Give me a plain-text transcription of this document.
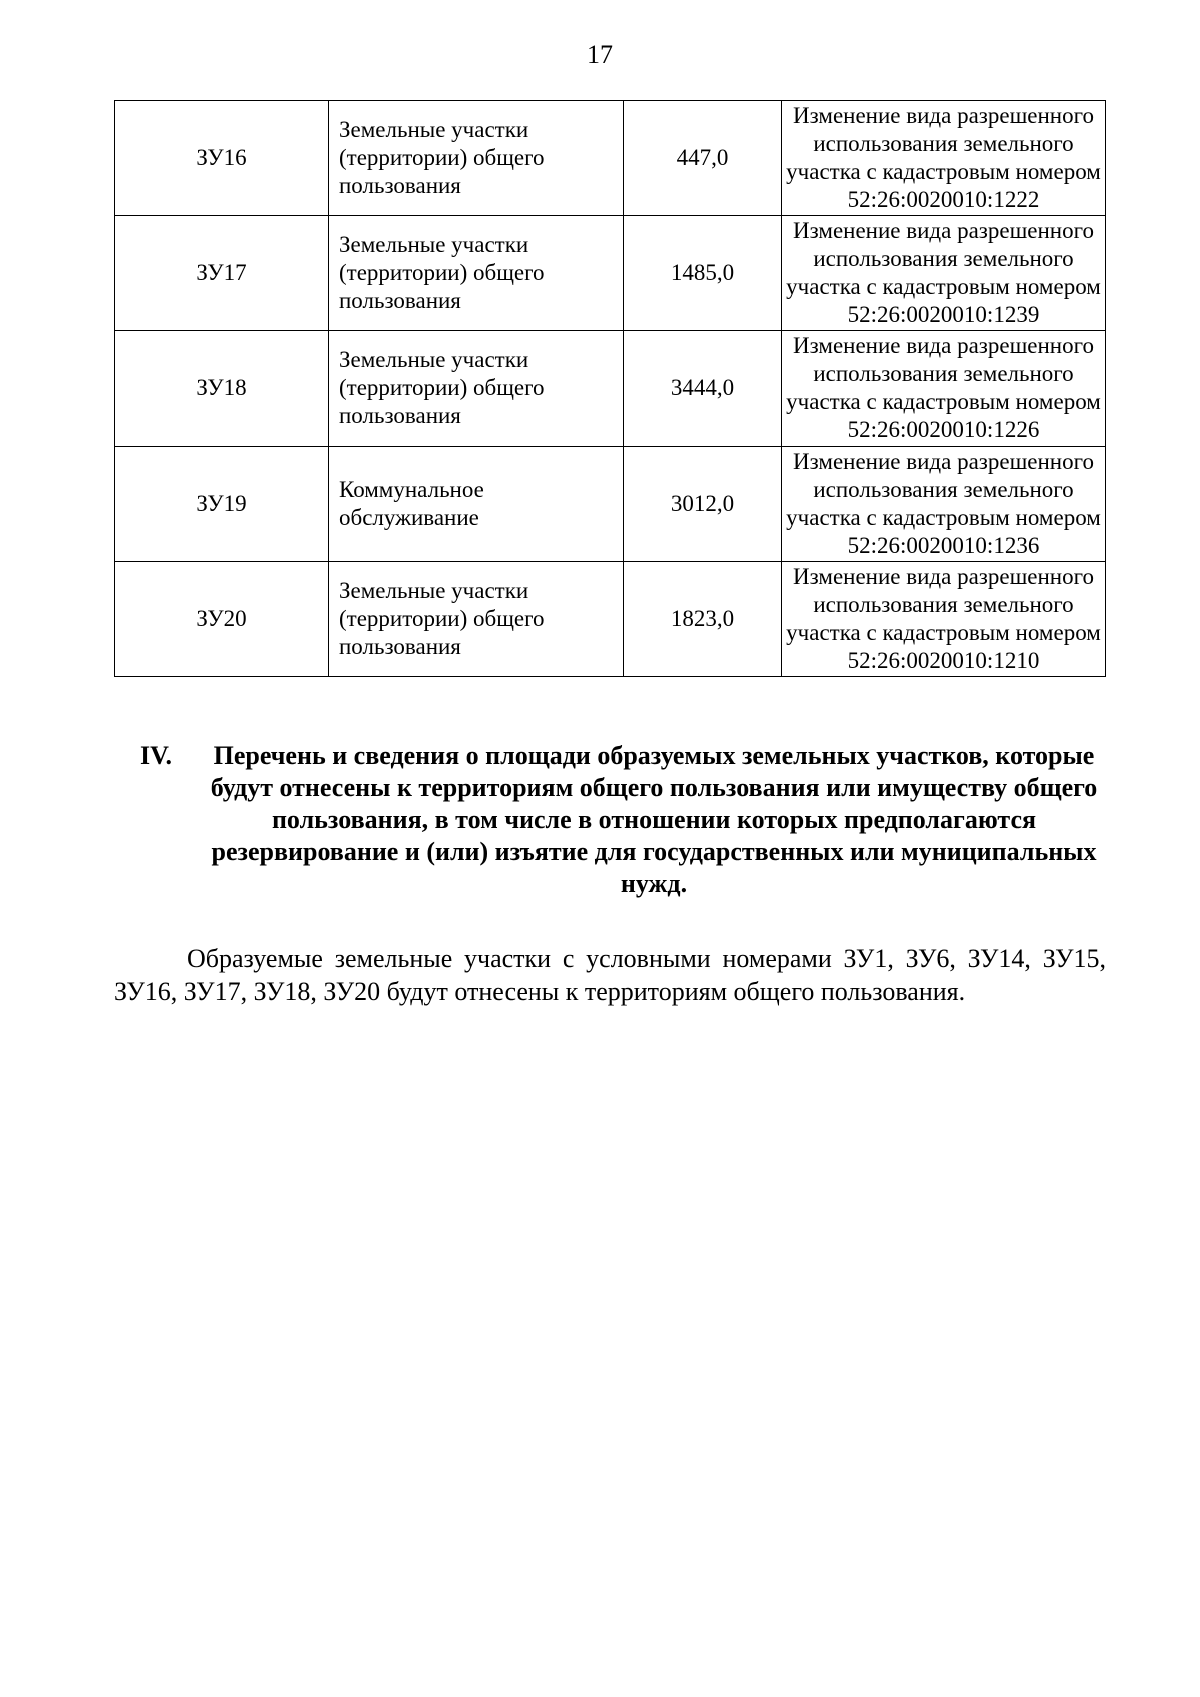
17
ЗУ16	Земельные участки (территории) общего пользования	447,0	Изменение вида разрешенного
использования земельного
участка с кадастровым номером
52:26:0020010:1222

ЗУ17	Земельные участки (территории) общего пользования	1485,0	Изменение вида разрешенного
использования земельного
участка с кадастровым номером
52:26:0020010:1239

ЗУ18	Земельные участки (территории) общего пользования	3444,0	Изменение вида разрешенного
использования земельного
участка с кадастровым номером
52:26:0020010:1226

ЗУ19	Коммунальное обслуживание	3012,0	Изменение вида разрешенного
использования земельного
участка с кадастровым номером
52:26:0020010:1236

ЗУ20	Земельные участки (территории) общего пользования	1823,0	Изменение вида разрешенного
использования земельного
участка с кадастровым номером
52:26:0020010:1210
IV.	Перечень и сведения о площади образуемых земельных участков, которые будут отнесены к территориям общего пользования или имуществу общего пользования, в том числе в отношении которых предполагаются резервирование и (или) изъятие для государственных или муниципальных нужд.

Образуемые земельные участки с условными номерами ЗУ1, ЗУ6, ЗУ14, ЗУ15, ЗУ16, ЗУ17, ЗУ18, ЗУ20 будут отнесены к территориям общего пользования.
